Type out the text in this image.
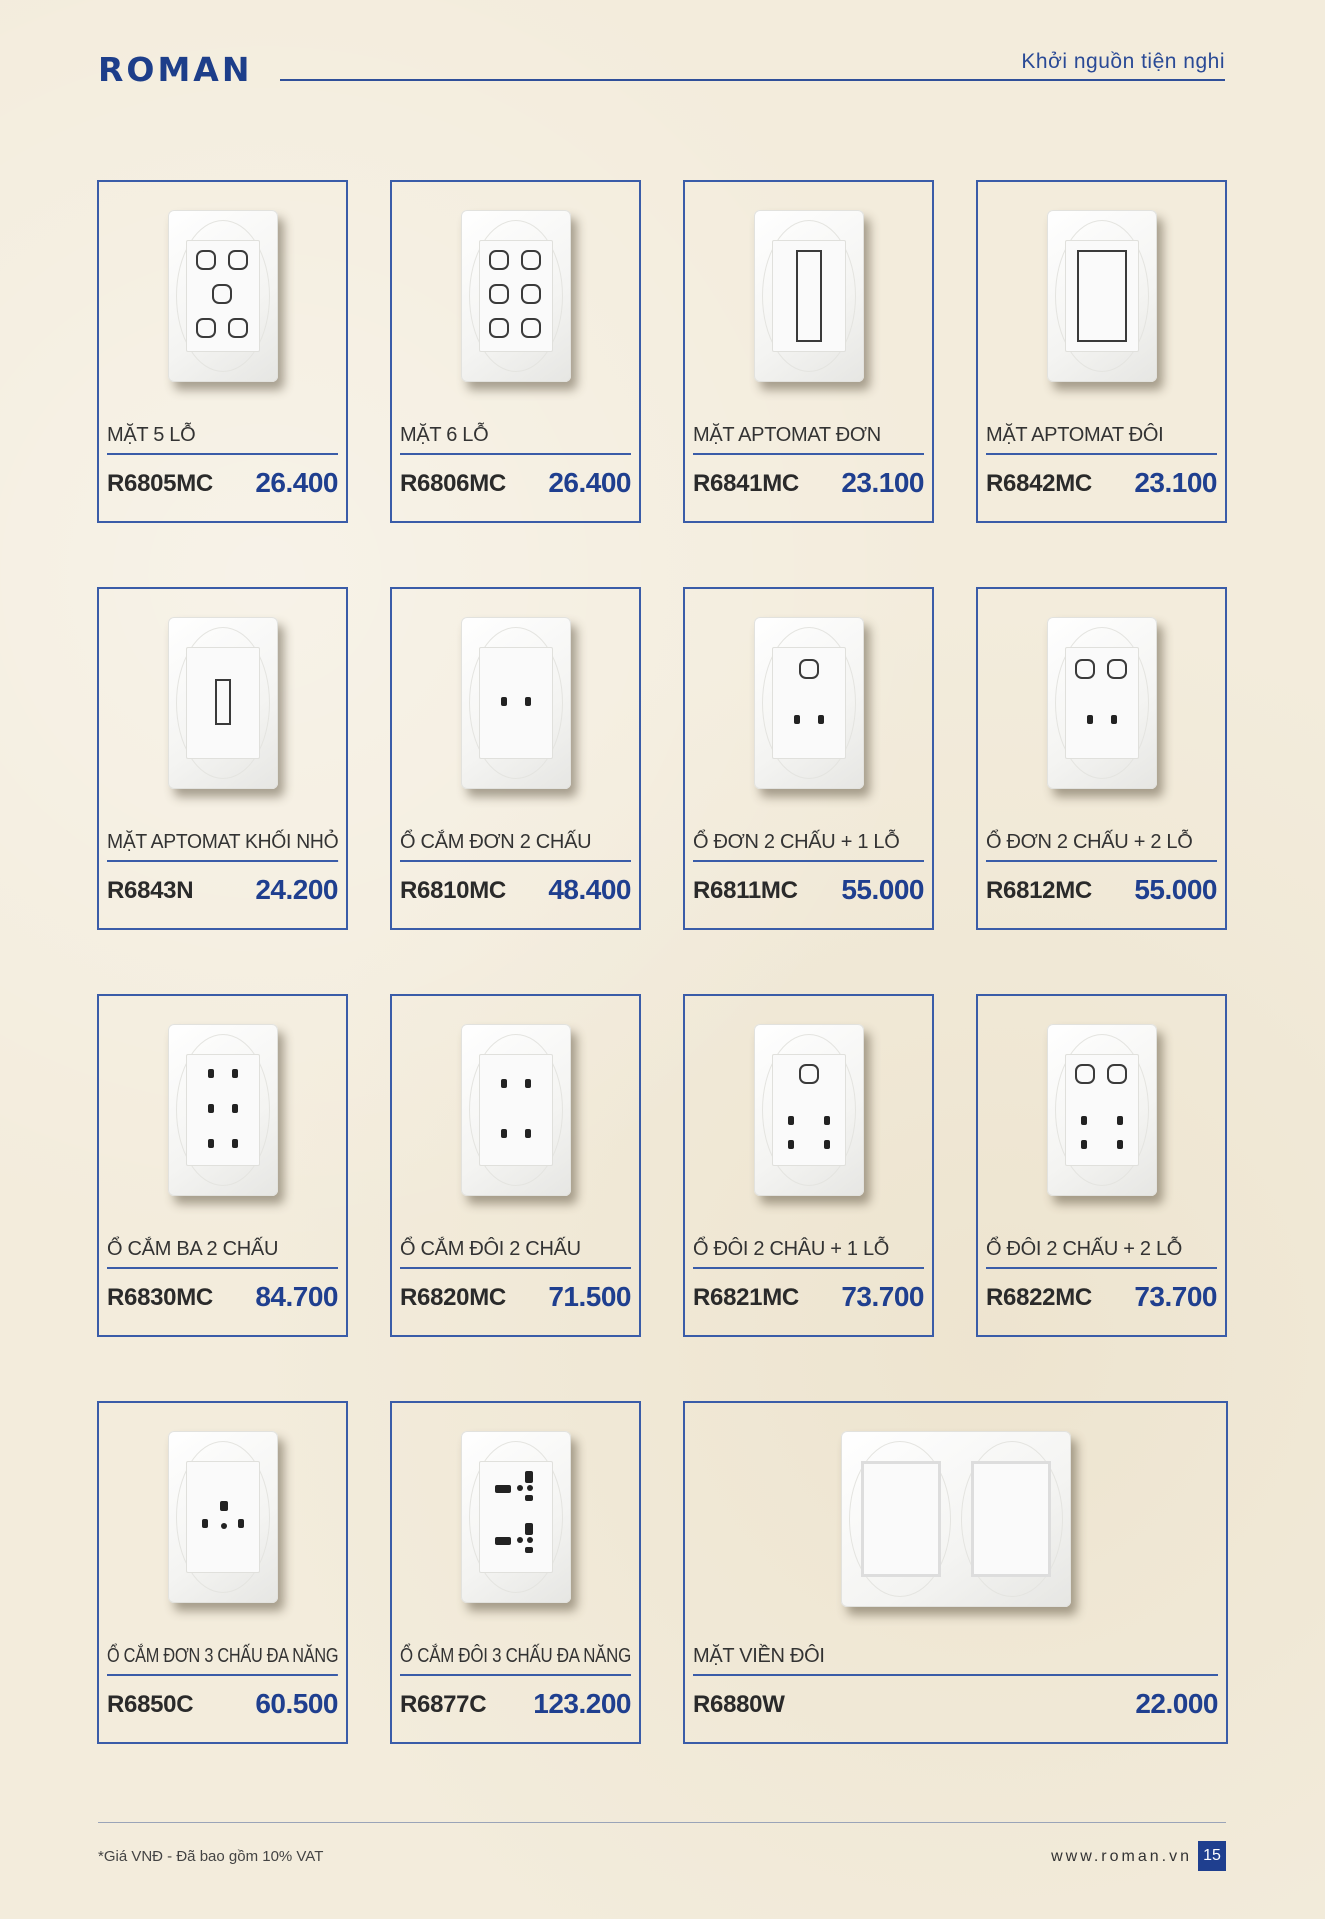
ROMAN	Khởi nguồn tiện nghi
MẶT 5 LỖ
R6805MC 26.400
MẶT 6 LỖ
R6806MC 26.400
MẶT APTOMAT ĐƠN
R6841MC 23.100
MẶT APTOMAT ĐÔI
R6842MC 23.100
MẶT APTOMAT KHỐI NHỎ
R6843N 24.200
Ổ CẮM ĐƠN 2 CHẤU
R6810MC 48.400
Ổ ĐƠN 2 CHẤU + 1 LỖ
R6811MC 55.000
Ổ ĐƠN 2 CHẤU + 2 LỖ
R6812MC 55.000
Ổ CẮM BA 2 CHẤU
R6830MC 84.700
Ổ CẮM ĐÔI 2 CHẤU
R6820MC 71.500
Ổ ĐÔI 2 CHÂU + 1 LỖ
R6821MC 73.700
Ổ ĐÔI 2 CHẤU + 2 LỖ
R6822MC 73.700
Ổ CẮM ĐƠN 3 CHẤU ĐA NĂNG
R6850C 60.500
Ổ CẮM ĐÔI 3 CHẤU ĐA NĂNG
R6877C 123.200
MẶT VIỀN ĐÔI
R6880W	22.000
*Giá VNĐ - Đã bao gồm 10% VAT	www.roman.vn 15
